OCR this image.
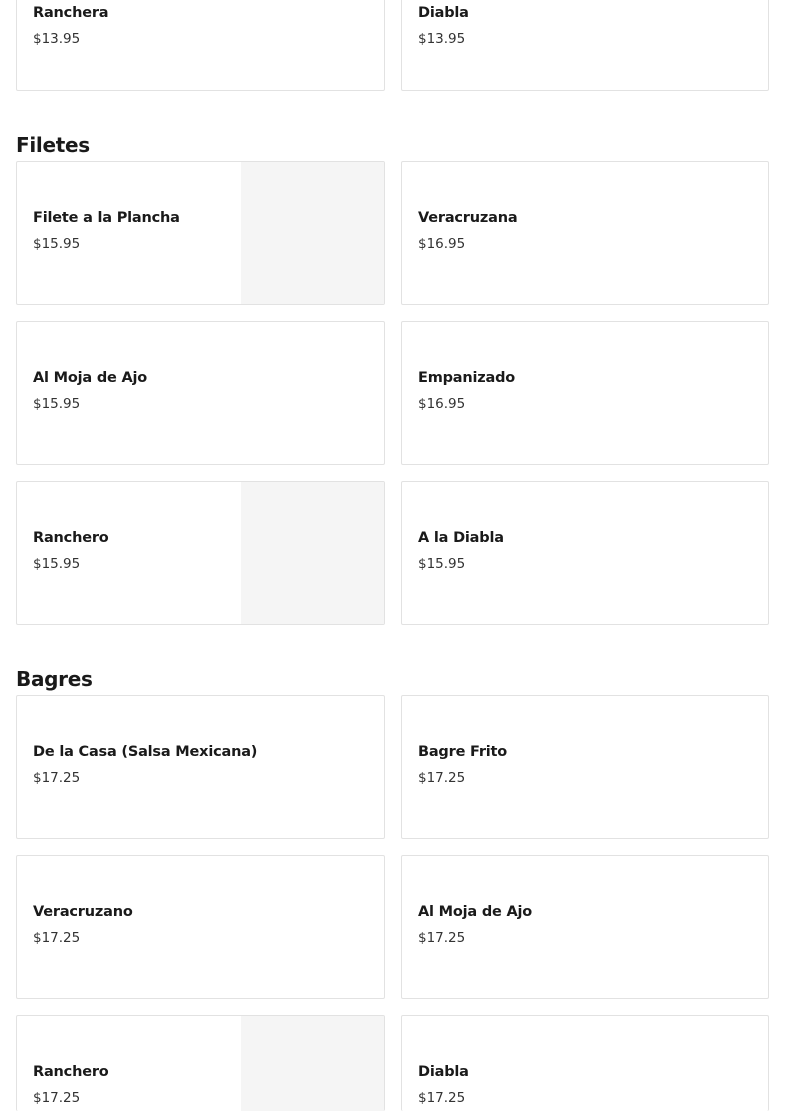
Ranchera
$13.95
Diabla
$13.95
Filetes
Filete a la Plancha
$15.95
Veracruzana
$16.95
Al Moja de Ajo
$15.95
Empanizado
$16.95
Ranchero
$15.95
A la Diabla
$15.95
Bagres
De la Casa (Salsa Mexicana)
$17.25
Bagre Frito
$17.25
Veracruzano
$17.25
Al Moja de Ajo
$17.25
Ranchero
$17.25
Diabla
$17.25
